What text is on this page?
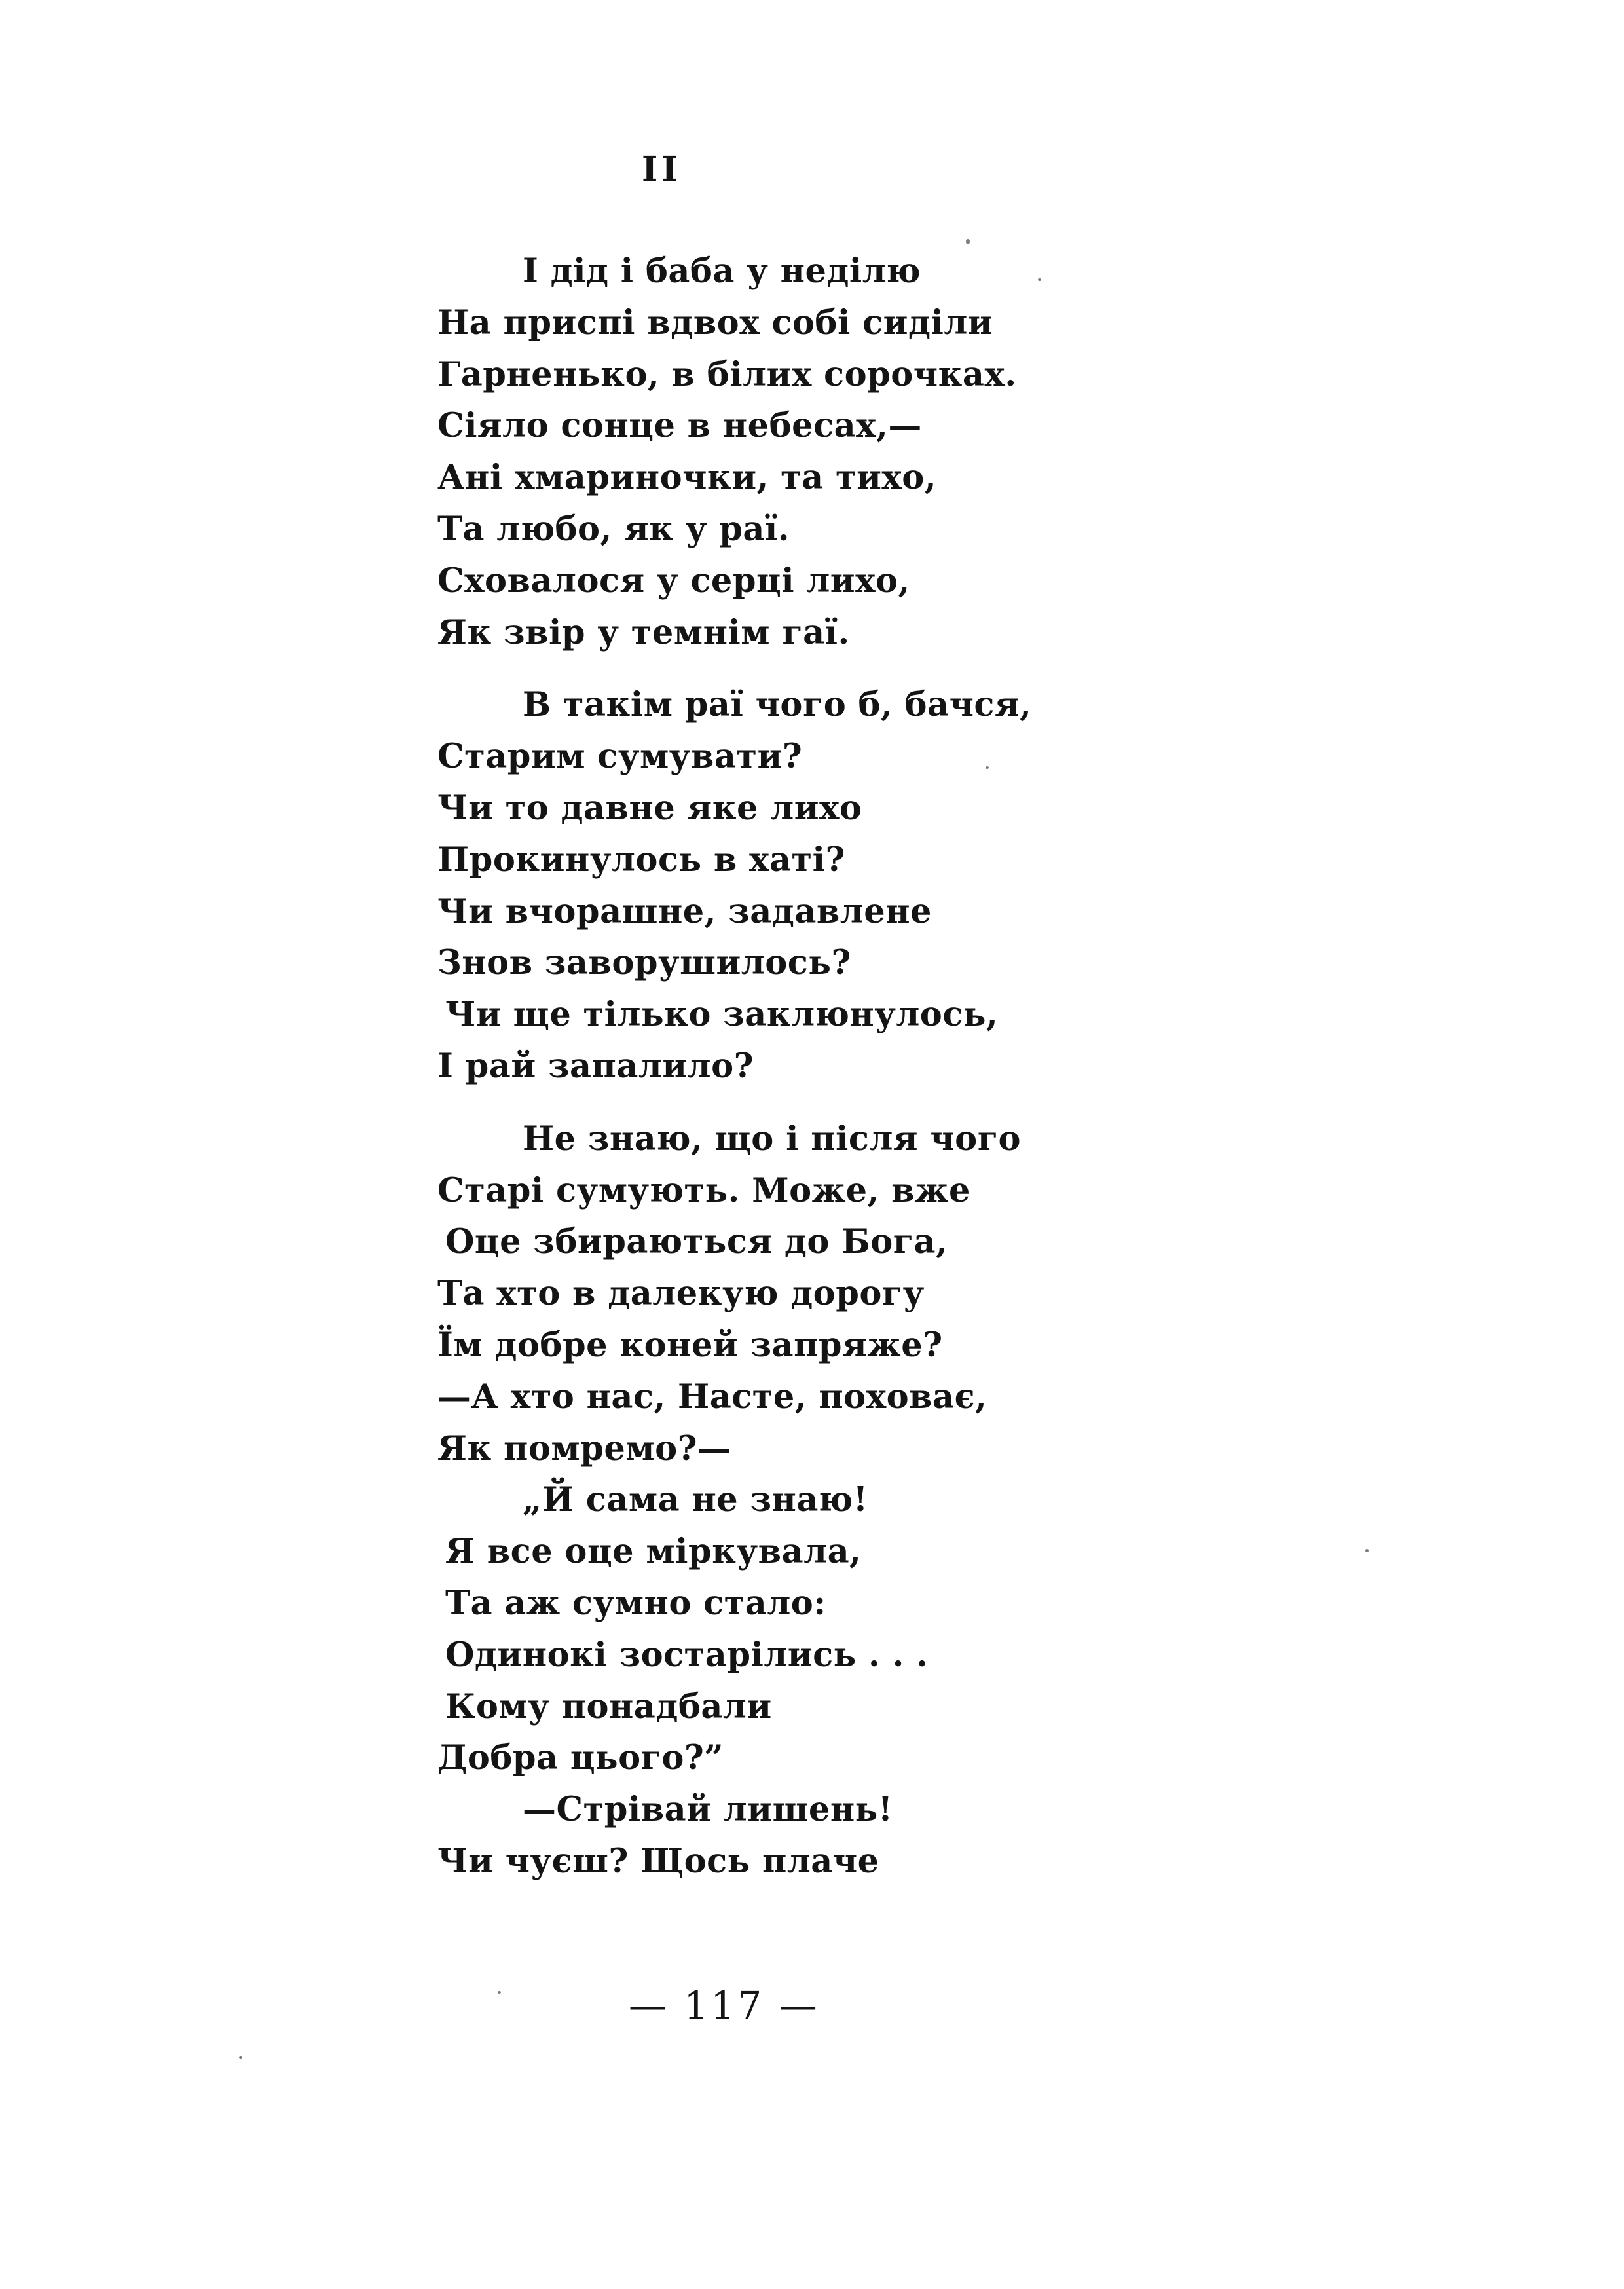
II
І дід і баба у неділю
На приспі вдвох собі сиділи
Гарненько, в білих сорочках.
Сіяло сонце в небесах,—
Ані хмариночки, та тихо,
Та любо, як у раї.
Сховалося у серці лихо,
Як звір у темнім гаї.
В такім раї чого б, бачся,
Старим сумувати?
Чи то давне яке лихо
Прокинулось в хаті?
Чи вчорашне, задавлене
Знов заворушилось?
Чи ще тілько заклюнулось,
І рай запалило?
Не знаю, що і після чого
Старі сумують. Може, вже
Оце збираються до Бога,
Та хто в далекую дорогу
Їм добре коней запряже?
—А хто нас, Насте, поховає,
Як помремо?—
„Й сама не знаю!
Я все оце міркувала,
Та аж сумно стало:
Одинокі зостарілись . . .
Кому понадбали
Добра цього?”
—Стрівай лишень!
Чи чуєш? Щось плаче
— 117 —
